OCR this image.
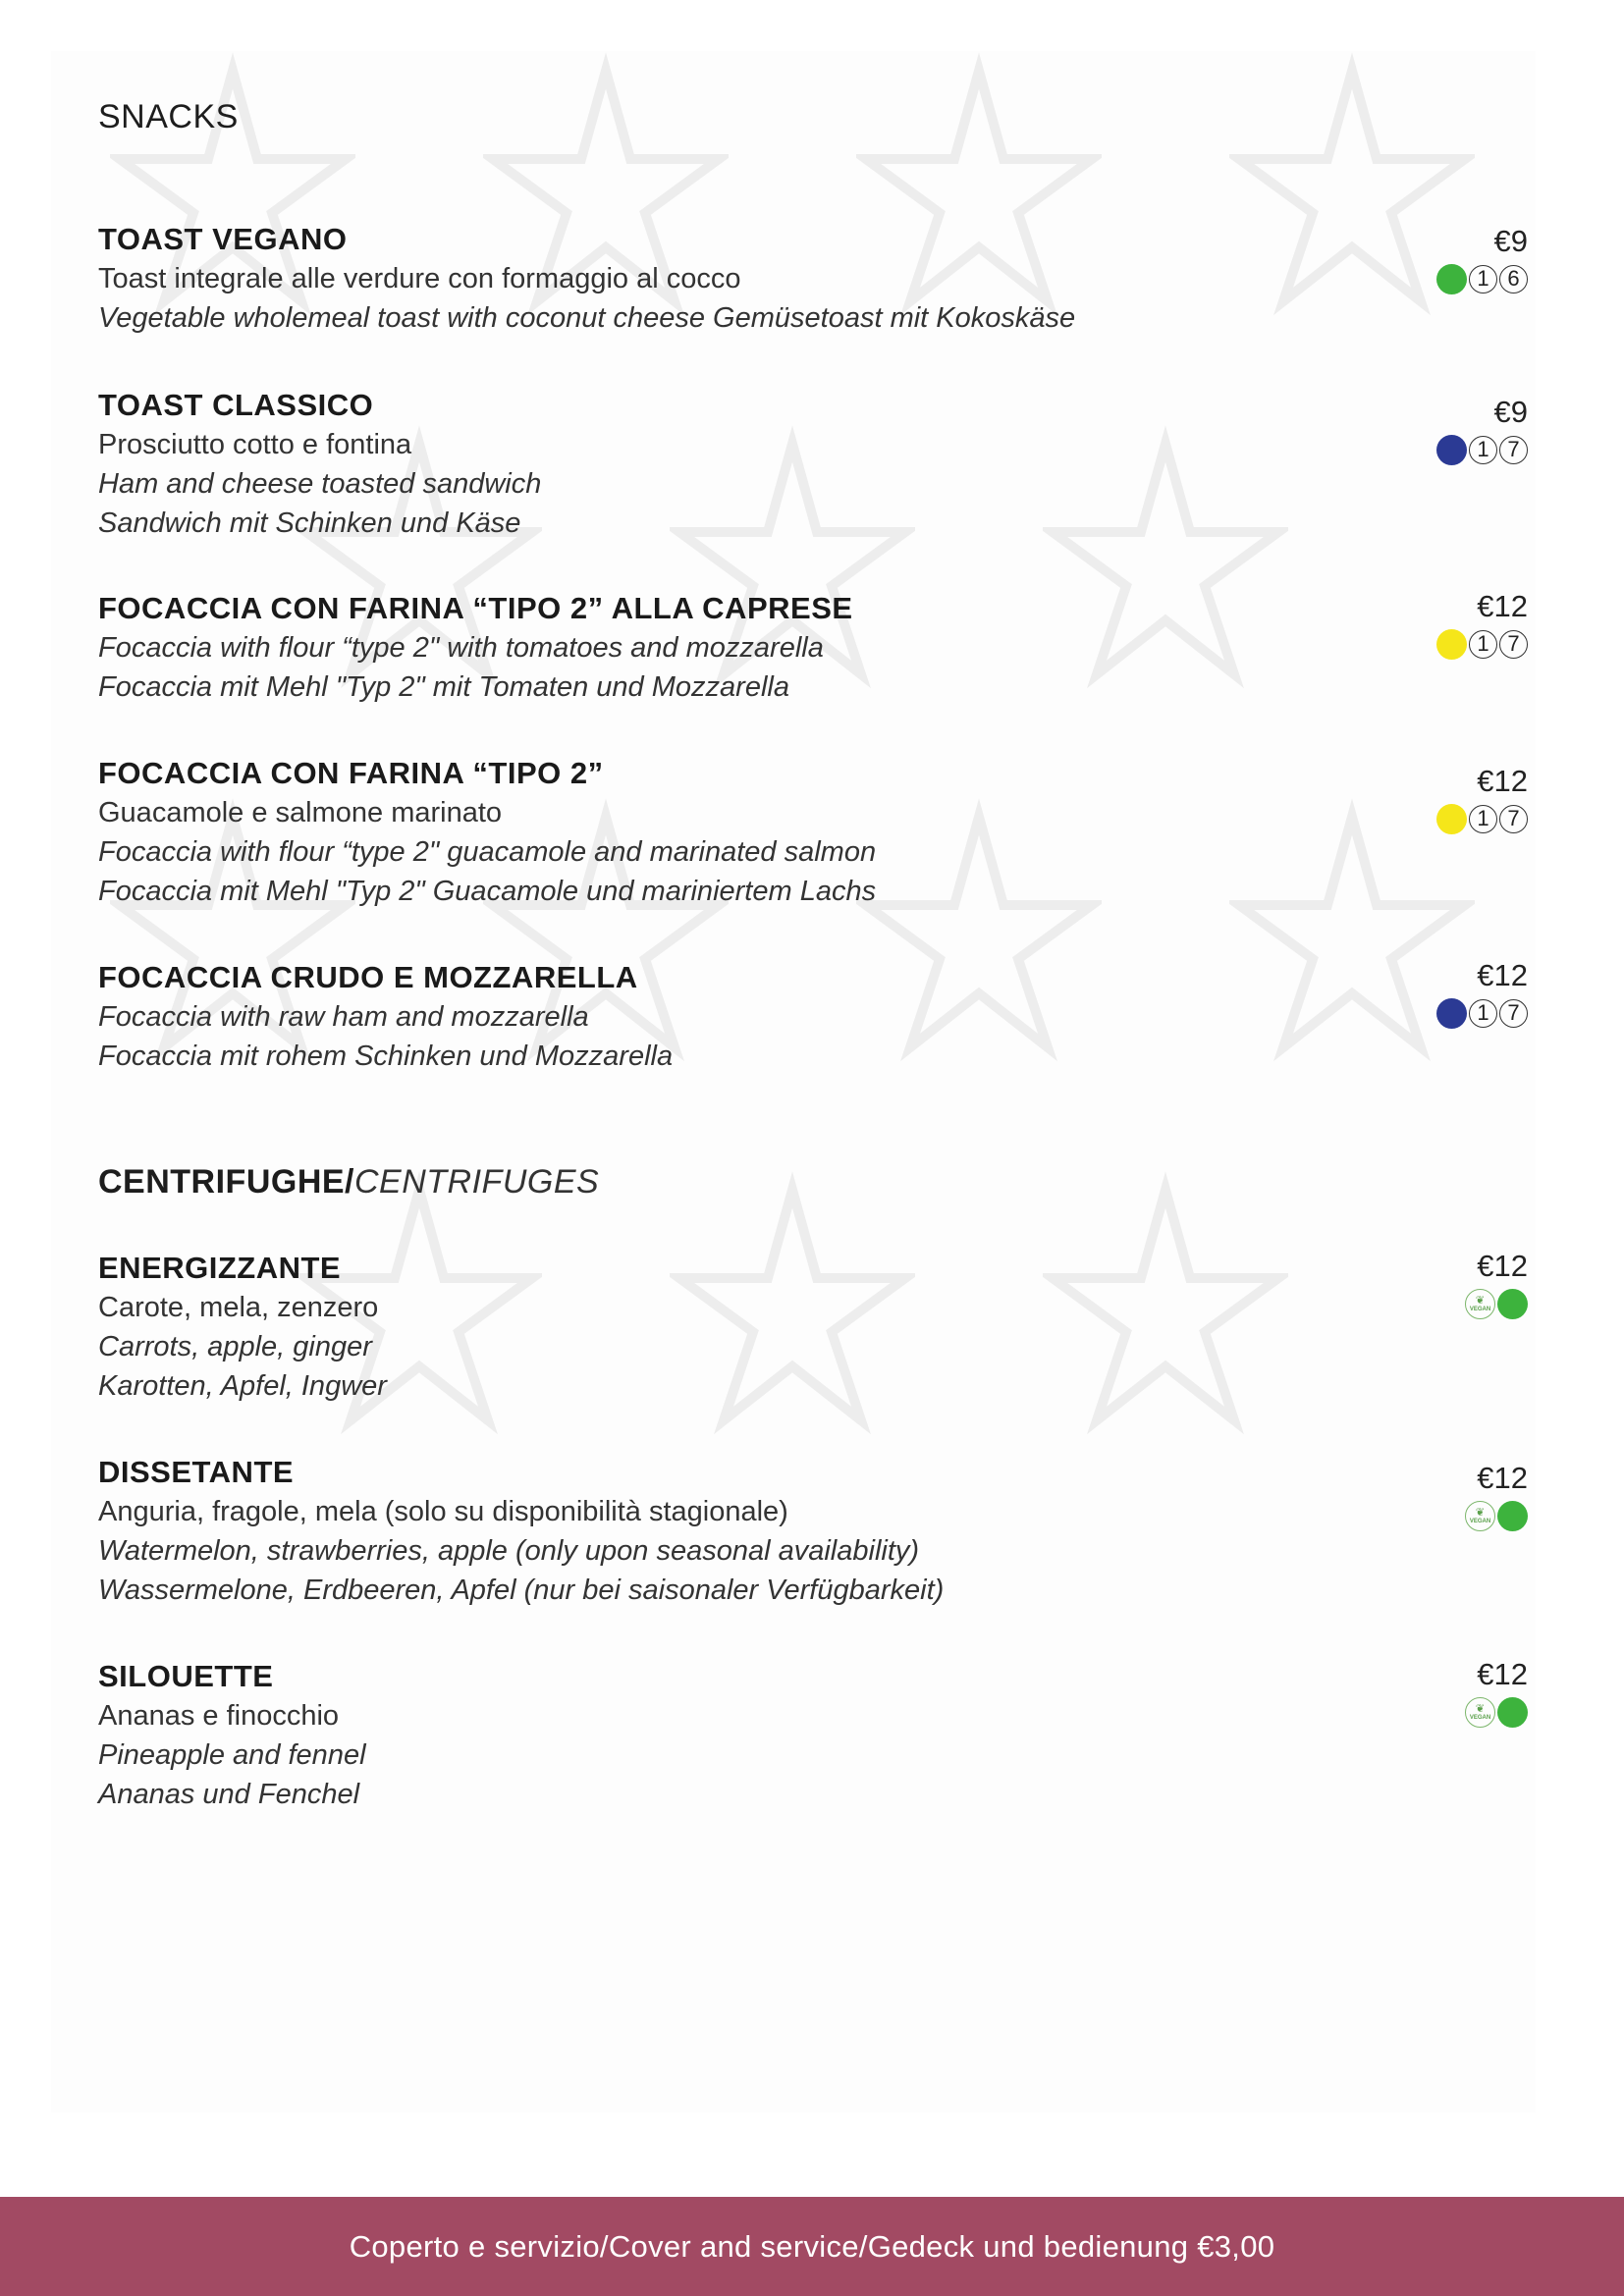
SNACKS
TOAST VEGANO
Toast integrale alle verdure con formaggio al cocco
Vegetable wholemeal toast with coconut cheese Gemüsetoast mit Kokoskäse
€9
1 6
TOAST CLASSICO
Prosciutto cotto e fontina
Ham and cheese toasted sandwich
Sandwich mit Schinken und Käse
€9
1 7
FOCACCIA CON FARINA “TIPO 2” ALLA CAPRESE
Focaccia with flour “type 2" with tomatoes and mozzarella
Focaccia mit Mehl "Typ 2" mit Tomaten und Mozzarella
€12
1 7
FOCACCIA CON FARINA “TIPO 2”
Guacamole e salmone marinato
Focaccia with flour “type 2" guacamole and marinated salmon
Focaccia mit Mehl "Typ 2" Guacamole und mariniertem Lachs
€12
1 7
FOCACCIA CRUDO E MOZZARELLA
Focaccia with raw ham and mozzarella
Focaccia mit rohem Schinken und Mozzarella
€12
1 7
CENTRIFUGHE/CENTRIFUGES
ENERGIZZANTE
Carote, mela, zenzero
Carrots, apple, ginger
Karotten, Apfel, Ingwer
€12
❦
VEGAN
DISSETANTE
Anguria, fragole, mela (solo su disponibilità stagionale)
Watermelon, strawberries, apple (only upon seasonal availability)
Wassermelone, Erdbeeren, Apfel (nur bei saisonaler Verfügbarkeit)
€12
❦
VEGAN
SILOUETTE
Ananas e finocchio
Pineapple and fennel
Ananas und Fenchel
€12
❦
VEGAN
Coperto e servizio/Cover and service/Gedeck und bedienung €3,00
